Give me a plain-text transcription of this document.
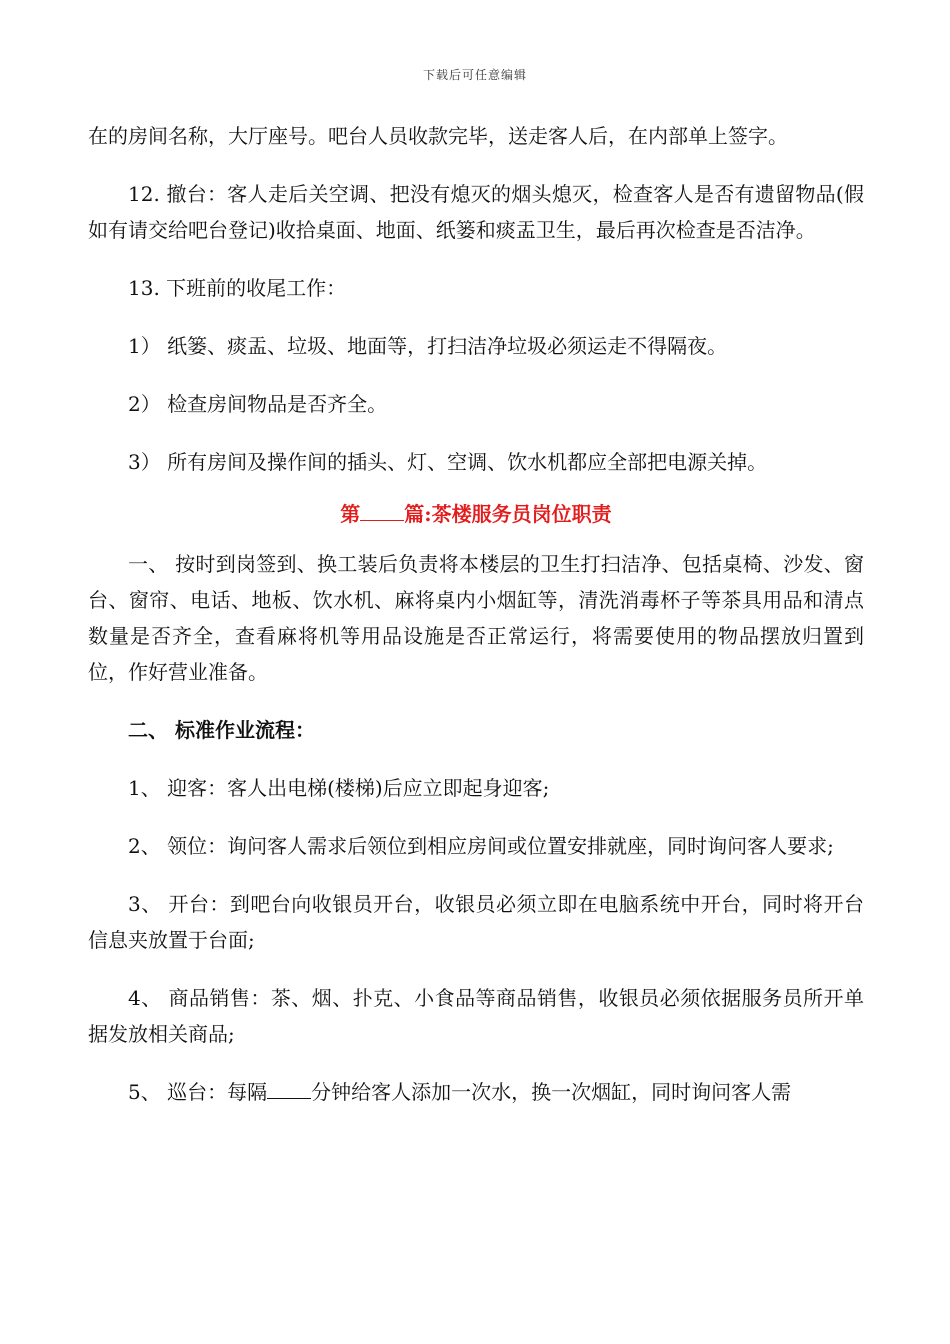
下载后可任意编辑

在的房间名称，大厅座号。吧台人员收款完毕，送走客人后，在内部单上签字。

12. 撤台：客人走后关空调、把没有熄灭的烟头熄灭，检查客人是否有遗留物品(假如有请交给吧台登记)收拾桌面、地面、纸篓和痰盂卫生，最后再次检查是否洁净。

13. 下班前的收尾工作：

1） 纸篓、痰盂、垃圾、地面等，打扫洁净垃圾必须运走不得隔夜。

2） 检查房间物品是否齐全。

3） 所有房间及操作间的插头、灯、空调、饮水机都应全部把电源关掉。

第 篇:茶楼服务员岗位职责

一、 按时到岗签到、换工装后负责将本楼层的卫生打扫洁净、包括桌椅、沙发、窗台、窗帘、电话、地板、饮水机、麻将桌内小烟缸等，清洗消毒杯子等茶具用品和清点数量是否齐全，查看麻将机等用品设施是否正常运行，将需要使用的物品摆放归置到位，作好营业准备。

二、 标准作业流程：

1、 迎客：客人出电梯(楼梯)后应立即起身迎客;

2、 领位：询问客人需求后领位到相应房间或位置安排就座，同时询问客人要求;

3、 开台：到吧台向收银员开台，收银员必须立即在电脑系统中开台，同时将开台信息夹放置于台面;

4、 商品销售：茶、烟、扑克、小食品等商品销售，收银员必须依据服务员所开单据发放相关商品;

5、 巡台：每隔 分钟给客人添加一次水，换一次烟缸，同时询问客人需
